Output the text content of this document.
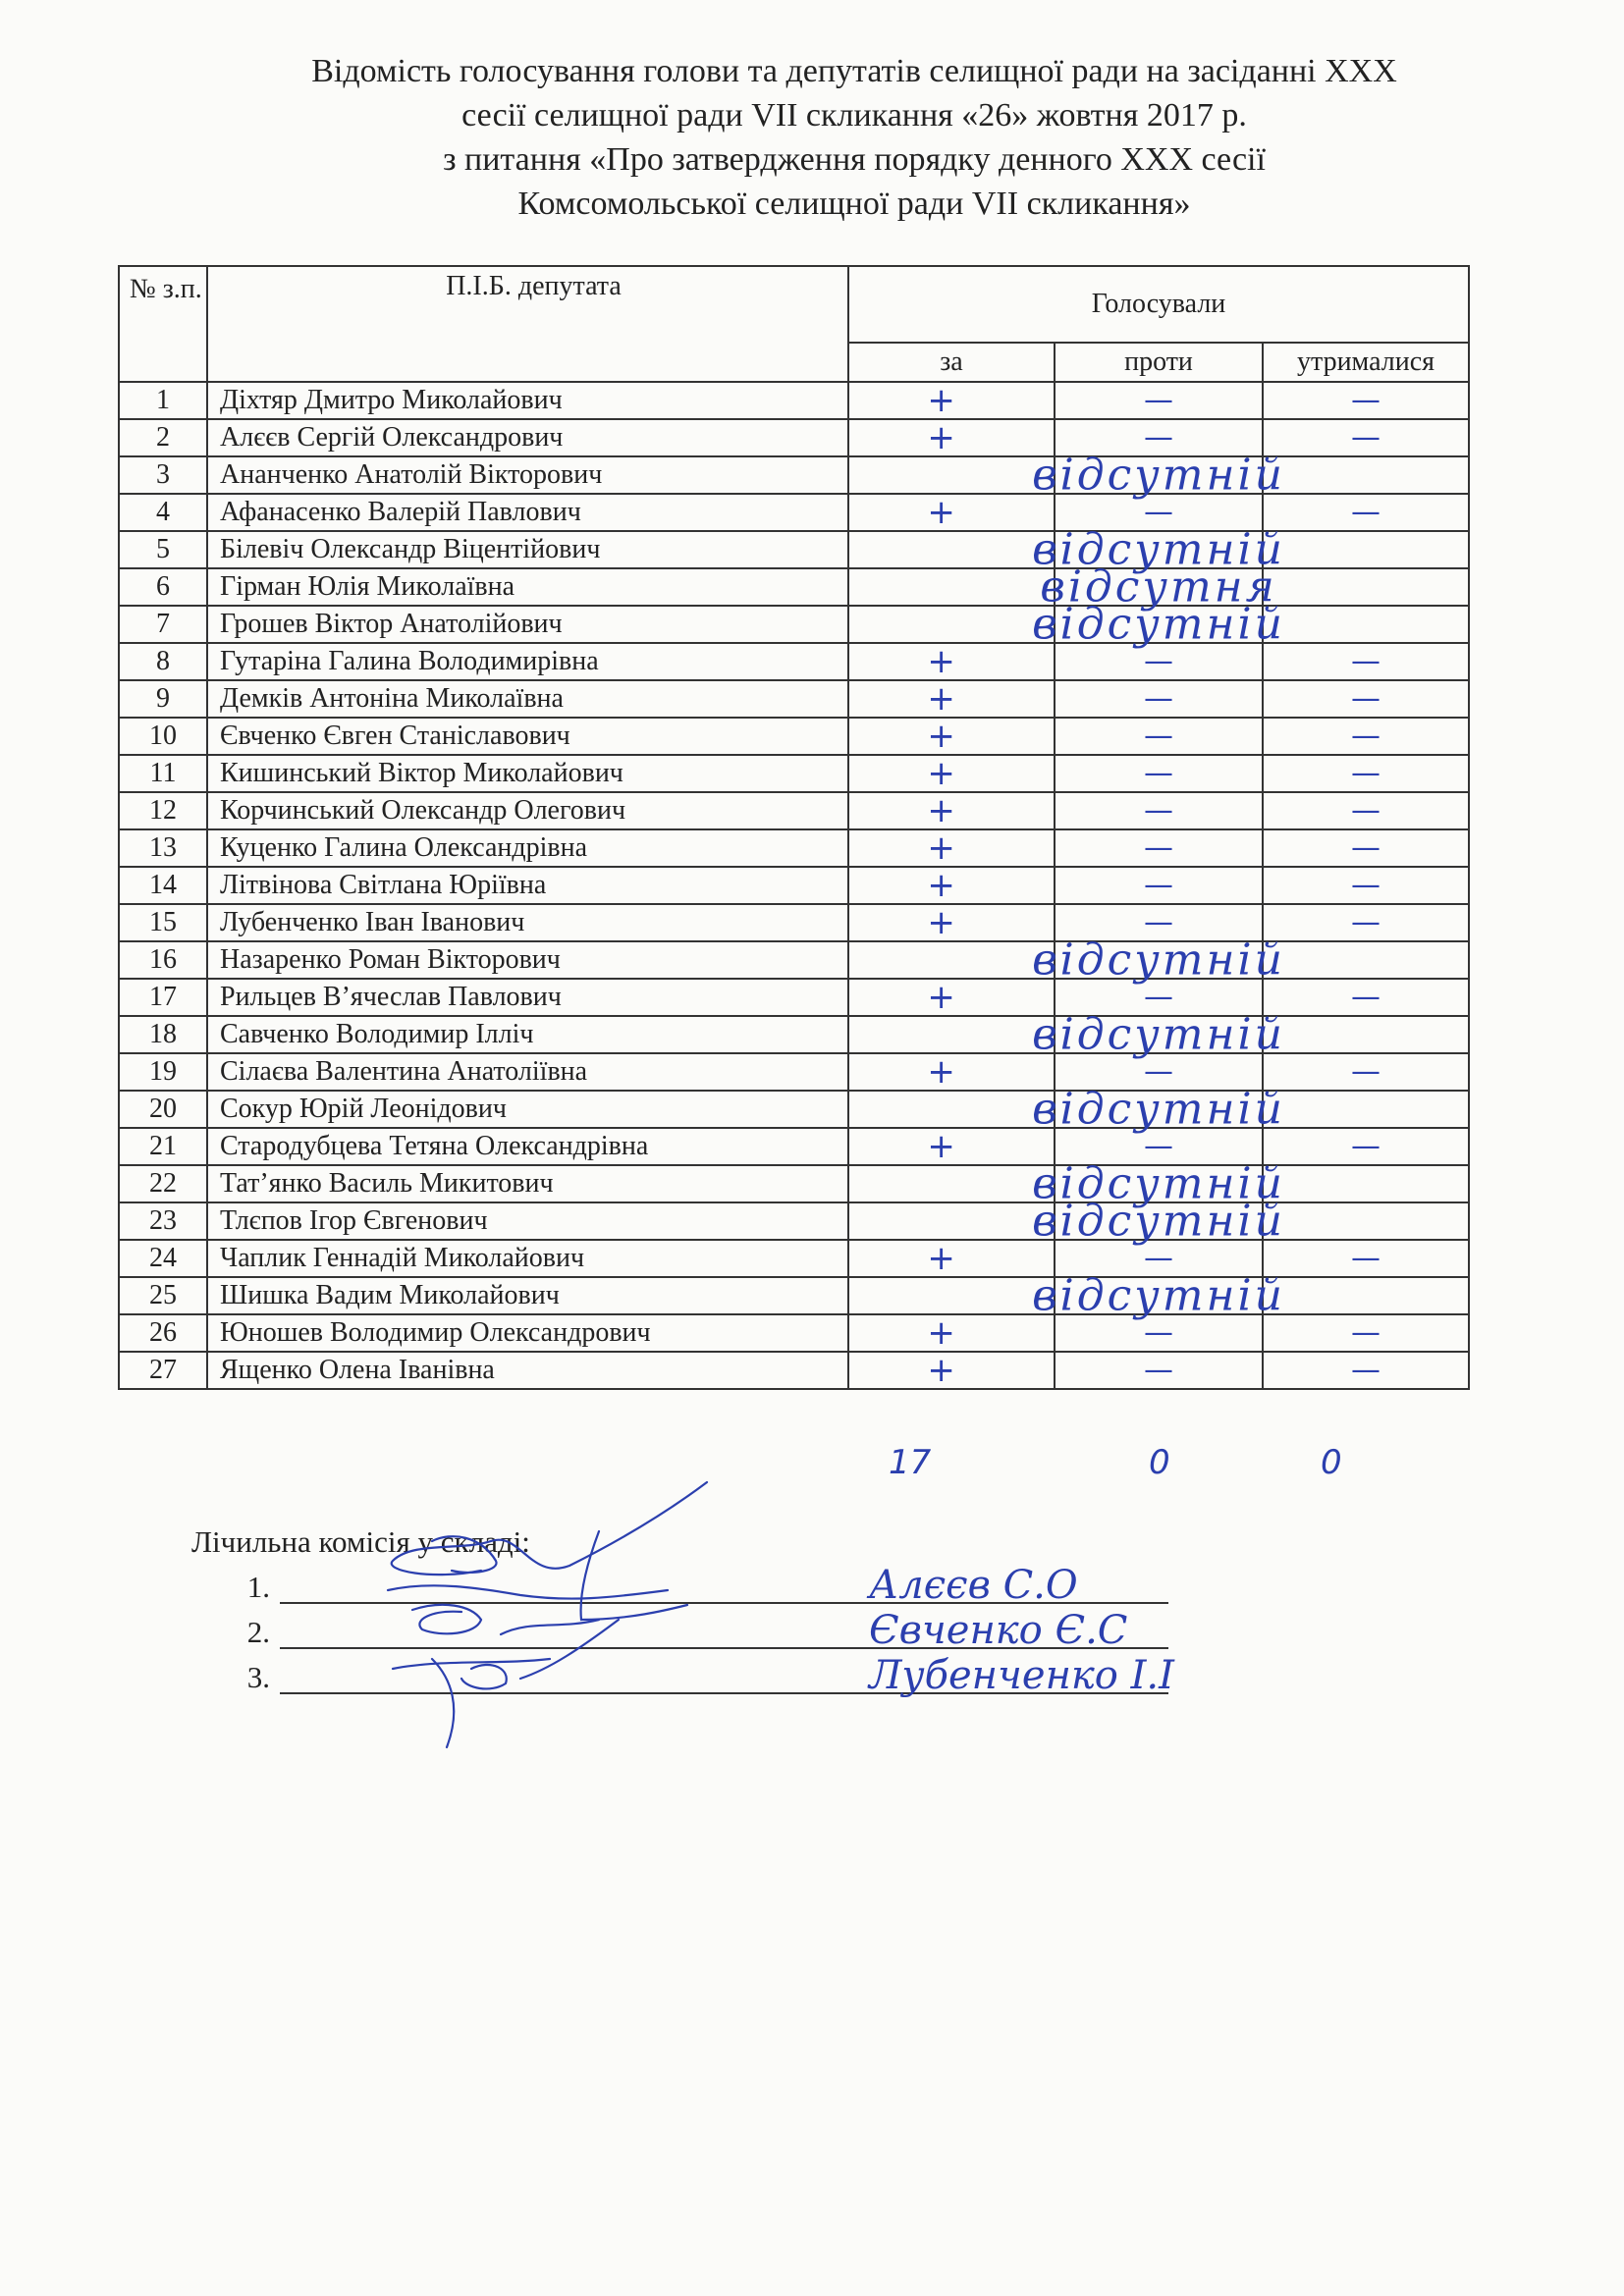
Відомість голосування голови та депутатів селищної ради на засіданні ХХХ
сесії селищної ради VІІ скликання «26» жовтня 2017 р.
з питання «Про затвердження порядку денного ХХХ сесії
Комсомольської селищної ради VІІ скликання»
№ з.п.	П.І.Б. депутата	Голосували		
		за	проти	утрималися
1	Діхтяр Дмитро Миколайович	+	—	—

2	Алєєв Сергій Олександрович	+	—	—

3	Ананченко Анатолій Вікторович		відсутній	

4	Афанасенко Валерій Павлович	+	—	—

5	Білевіч Олександр Віцентійович		відсутній	

6	Гірман Юлія Миколаївна		відсутня	

7	Грошев Віктор Анатолійович		відсутній	

8	Гутаріна Галина Володимирівна	+	—	—

9	Демків Антоніна Миколаївна	+	—	—

10	Євченко Євген Станіславович	+	—	—

11	Кишинський Віктор Миколайович	+	—	—

12	Корчинський Олександр Олегович	+	—	—

13	Куценко Галина Олександрівна	+	—	—

14	Літвінова Світлана Юріївна	+	—	—

15	Лубенченко Іван Іванович	+	—	—

16	Назаренко Роман Вікторович		відсутній	

17	Рильцев В’ячеслав Павлович	+	—	—

18	Савченко Володимир Ілліч		відсутній	

19	Сілаєва Валентина Анатоліївна	+	—	—

20	Сокур Юрій Леонідович		відсутній	

21	Стародубцева Тетяна Олександрівна	+	—	—

22	Тат’янко Василь Микитович		відсутній	

23	Тлєпов Ігор Євгенович		відсутній	

24	Чаплик Геннадій Миколайович	+	—	—

25	Шишка Вадим Миколайович		відсутній	

26	Юношев Володимир Олександрович	+	—	—

27	Ященко Олена Іванівна	+	—	—
17	0	0
Лічильна комісія у складі:
1.	Алєєв С.О
2.	Євченко Є.С
3.	Лубенченко І.І
